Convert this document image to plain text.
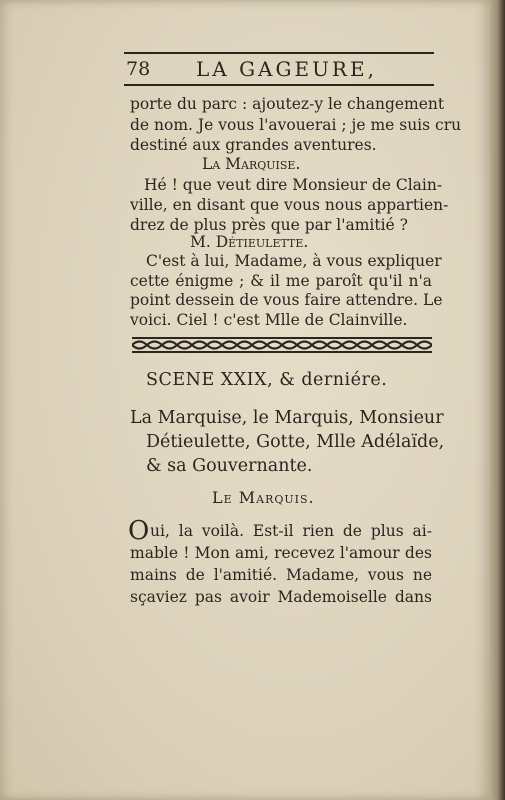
78 LA GAGEURE,
porte du parc : ajoutez-y le changement
de nom. Je vous l'avouerai ; je me suis cru
destiné aux grandes aventures.
La Marquise.
Hé ! que veut dire Monsieur de Clain-
ville, en disant que vous nous appartien-
drez de plus près que par l'amitié ?
M. Détieulette.
C'est à lui, Madame, à vous expliquer
cette énigme ; & il me paroît qu'il n'a
point dessein de vous faire attendre. Le
voici. Ciel ! c'est Mlle de Clainville.
SCENE XXIX, & derniére.
La Marquise, le Marquis, Monsieur
Détieulette, Gotte, Mlle Adélaïde,
& sa Gouvernante.
Le Marquis.
O ui, la voilà. Est-il rien de plus ai-
mable ! Mon ami, recevez l'amour des
mains de l'amitié. Madame, vous ne
sçaviez pas avoir Mademoiselle dans
